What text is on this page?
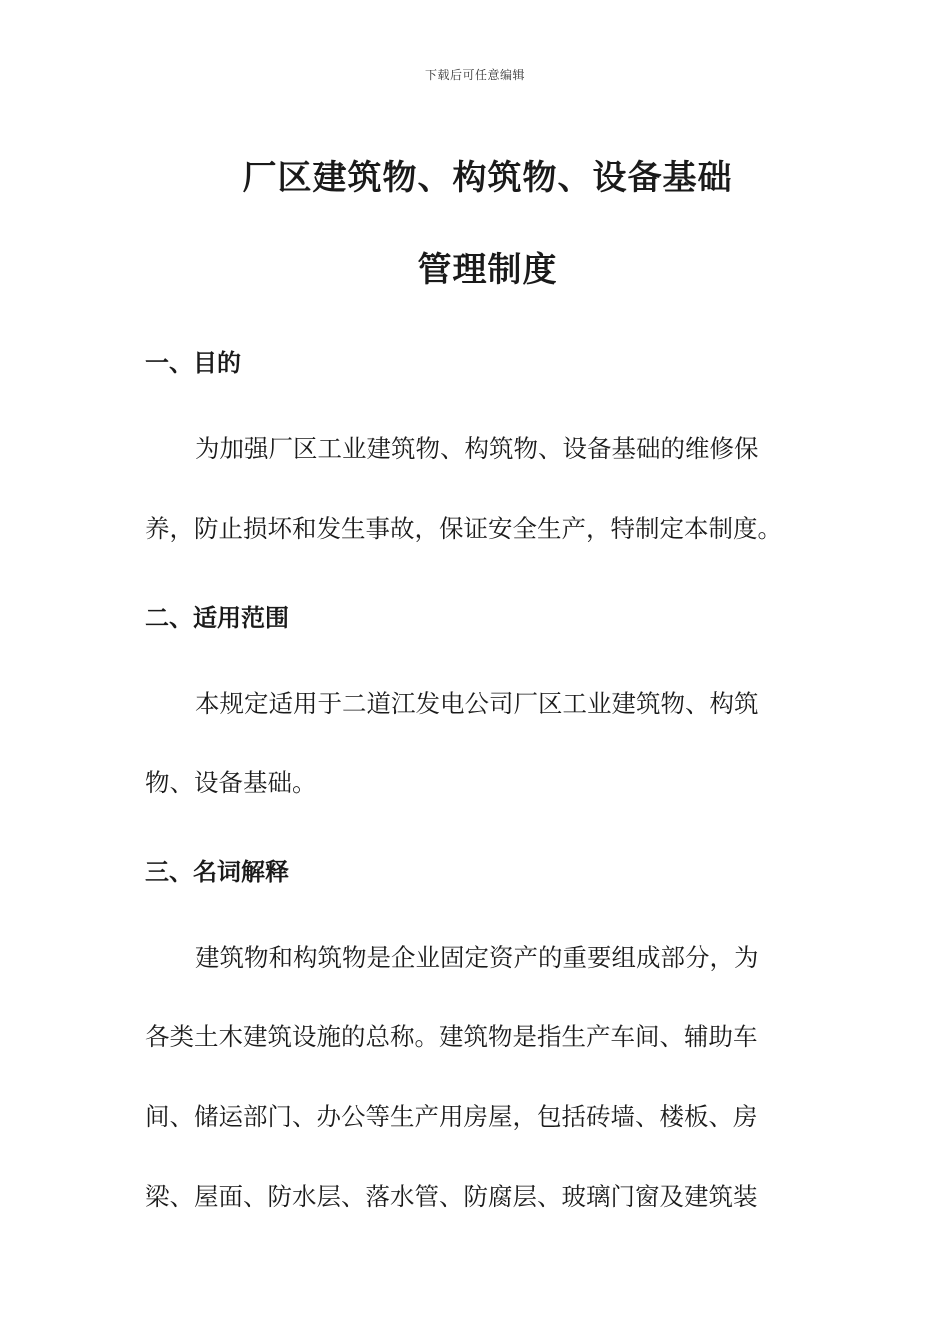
下载后可任意编辑
厂区建筑物、构筑物、设备基础
管理制度
一、目的
为加强厂区工业建筑物、构筑物、设备基础的维修保
养，防止损坏和发生事故，保证安全生产，特制定本制度。
二、适用范围
本规定适用于二道江发电公司厂区工业建筑物、构筑
物、设备基础。
三、名词解释
建筑物和构筑物是企业固定资产的重要组成部分，为
各类土木建筑设施的总称。建筑物是指生产车间、辅助车
间、储运部门、办公等生产用房屋，包括砖墙、楼板、房
梁、屋面、防水层、落水管、防腐层、玻璃门窗及建筑装
